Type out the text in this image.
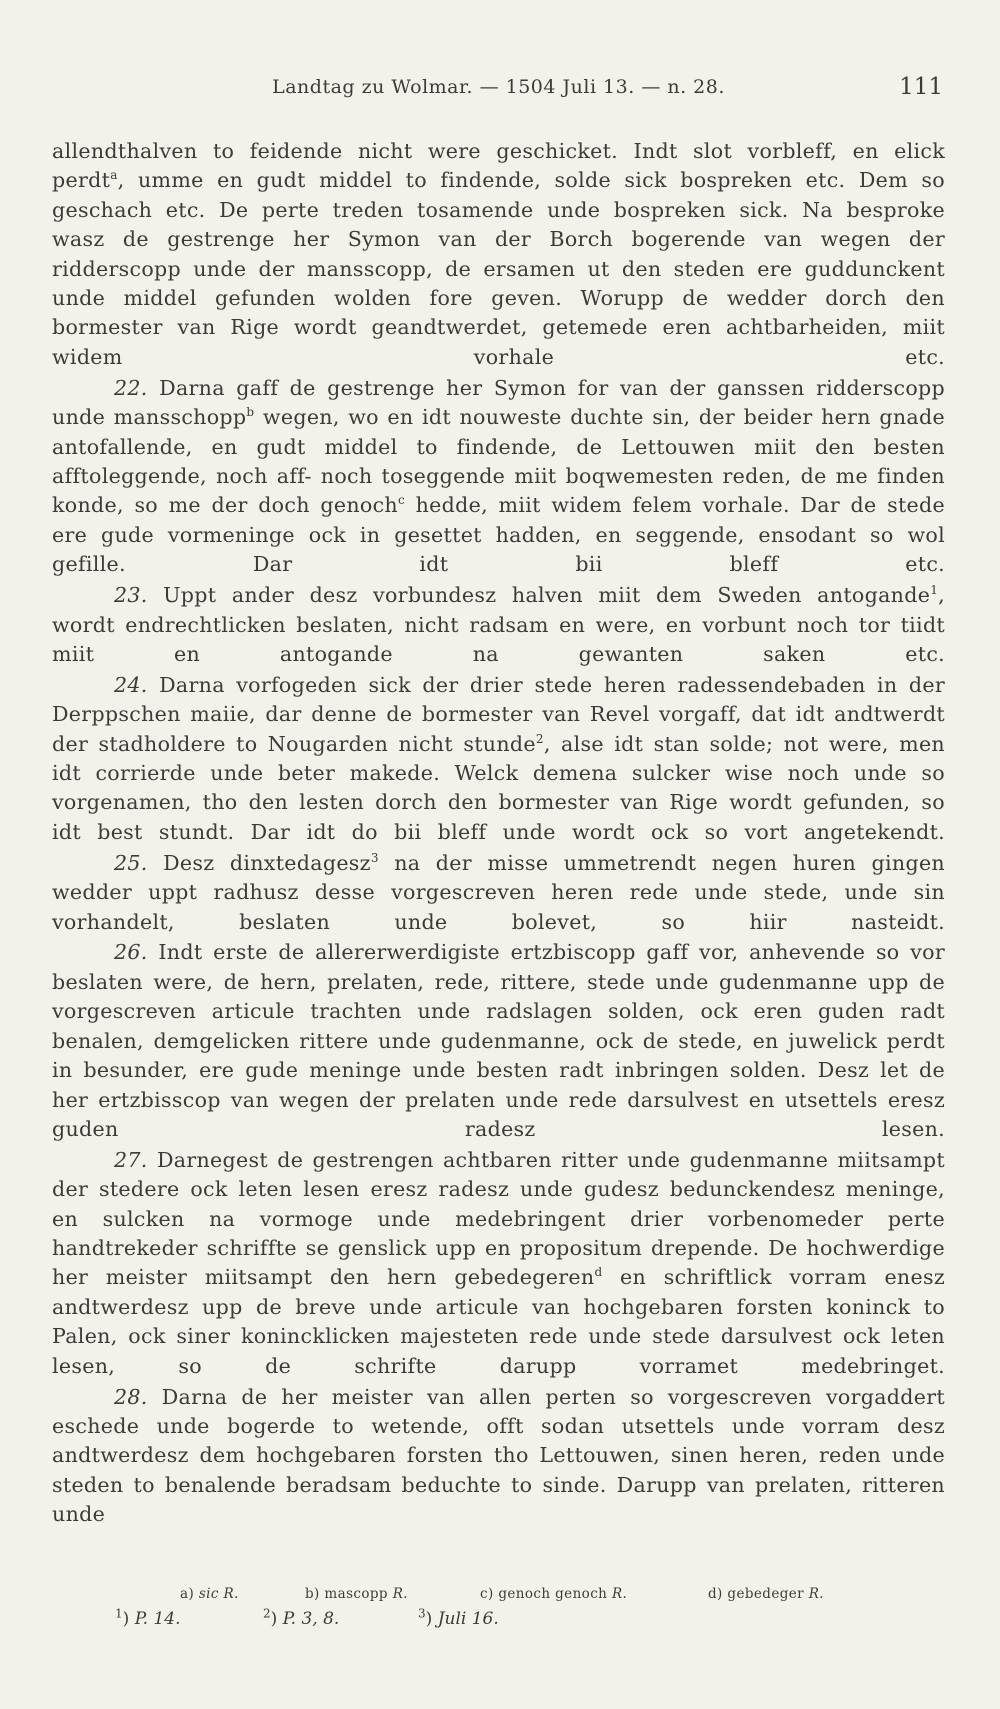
Landtag zu Wolmar. — 1504 Juli 13. — n. 28.	111

allendthalven to feidende nicht were geschicket. Indt slot vorbleff, en elick perdt$^a$, umme en gudt middel to findende, solde sick bospreken etc. Dem so geschach etc. De perte treden tosamende unde bospreken sick. Na besproke wasz de gestrenge her Symon van der Borch bogerende van wegen der ridderscopp unde der mansscopp, de ersamen ut den steden ere guddunckent unde middel gefunden wolden fore geven. Worupp de wedder dorch den bormester van Rige wordt geandtwerdet, getemede eren achtbarheiden, miit widem vorhale etc.

22. Darna gaff de gestrenge her Symon for van der ganssen ridderscopp unde mansschopp$^b$ wegen, wo en idt nouweste duchte sin, der beider hern gnade antofallende, en gudt middel to findende, de Lettouwen miit den besten afftoleggende, noch aff- noch toseggende miit boqwemesten reden, de me finden konde, so me der doch genoch$^c$ hedde, miit widem felem vorhale. Dar de stede ere gude vormeninge ock in gesettet hadden, en seggende, ensodant so wol gefille. Dar idt bii bleff etc.

23. Uppt ander desz vorbundesz halven miit dem Sweden antogande$^1$, wordt endrechtlicken beslaten, nicht radsam en were, en vorbunt noch tor tiidt miit en antogande na gewanten saken etc.

24. Darna vorfogeden sick der drier stede heren radessendebaden in der Derppschen maiie, dar denne de bormester van Revel vorgaff, dat idt andtwerdt der stadholdere to Nougarden nicht stunde$^2$, alse idt stan solde; not were, men idt corrierde unde beter makede. Welck demena sulcker wise noch unde so vorgenamen, tho den lesten dorch den bormester van Rige wordt gefunden, so idt best stundt. Dar idt do bii bleff unde wordt ock so vort angetekendt.

25. Desz dinxtedagesz$^3$ na der misse ummetrendt negen huren gingen wedder uppt radhusz desse vorgescreven heren rede unde stede, unde sin vorhandelt, beslaten unde bolevet, so hiir nasteidt.

26. Indt erste de allererwerdigiste ertzbiscopp gaff vor, anhevende so vor beslaten were, de hern, prelaten, rede, rittere, stede unde gudenmanne upp de vorgescreven articule trachten unde radslagen solden, ock eren guden radt benalen, demgelicken rittere unde gudenmanne, ock de stede, en juwelick perdt in besunder, ere gude meninge unde besten radt inbringen solden. Desz let de her ertzbisscop van wegen der prelaten unde rede darsulvest en utsettels eresz guden radesz lesen.

27. Darnegest de gestrengen achtbaren ritter unde gudenmanne miitsampt der stedere ock leten lesen eresz radesz unde gudesz bedunckendesz meninge, en sulcken na vormoge unde medebringent drier vorbenomeder perte handtrekeder schriffte se genslick upp en propositum drepende. De hochwerdige her meister miitsampt den hern gebedegeren$^d$ en schriftlick vorram enesz andtwerdesz upp de breve unde articule van hochgebaren forsten koninck to Palen, ock siner konincklicken majesteten rede unde stede darsulvest ock leten lesen, so de schrifte darupp vorramet medebringet.

28. Darna de her meister van allen perten so vorgescreven vorgaddert eschede unde bogerde to wetende, offt sodan utsettels unde vorram desz andtwerdesz dem hochgebaren forsten tho Lettouwen, sinen heren, reden unde steden to benalende beradsam beduchte to sinde. Darupp van prelaten, ritteren unde

a) sic R.	b) mascopp R.	c) genoch genoch R.	d) gebedeger R.
$^1$) P. 14.	$^2$) P. 3, 8.	$^3$) Juli 16.
